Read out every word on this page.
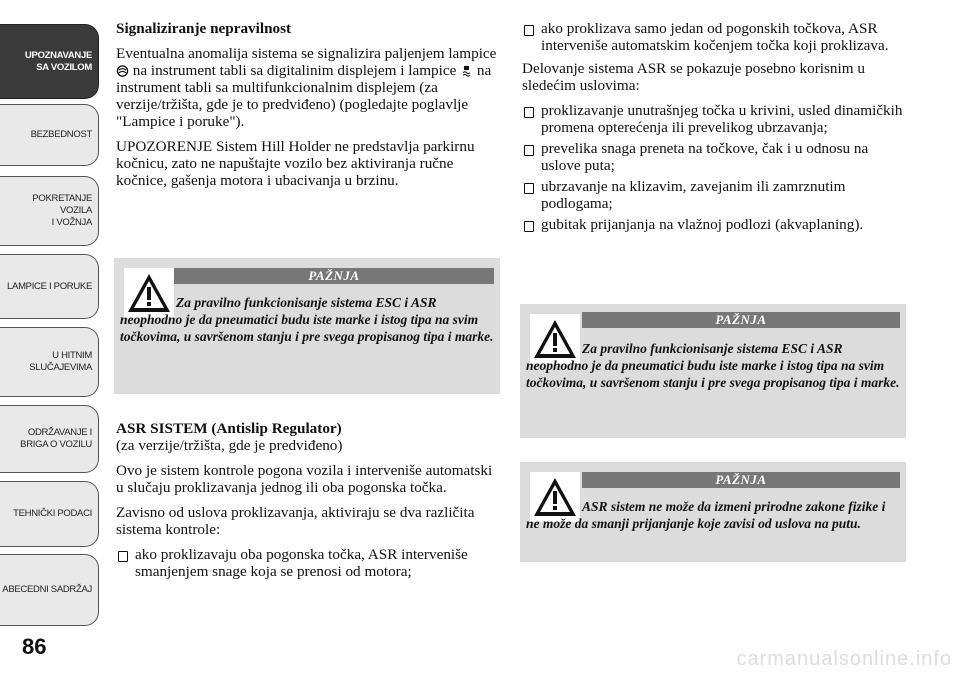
UPOZNAVANJE
SA VOZILOM
BEZBEDNOST
POKRETANJE VOZILA
I VOŽNJA
LAMPICE I PORUKE
U HITNIM
SLUČAJEVIMA
ODRŽAVANJE I
BRIGA O VOZILU
TEHNIČKI PODACI
ABECEDNI SADRŽAJ
86
Signaliziranje nepravilnost

Eventualna anomalija sistema se signalizira paljenjem lampice  na instrument tabli sa digitalinim displejem i lampice na instrument tabli sa multifunkcionalnim displejem (za verzije/tržišta, gde je to predviđeno) (pogledajte poglavlje "Lampice i poruke").

UPOZORENJE Sistem Hill Holder ne predstavlja parkirnu kočnicu, zato ne napuštajte vozilo bez aktiviranja ručne kočnice, gašenja motora i ubacivanja u brzinu.

PAŽNJA
Za pravilno funkcionisanje sistema ESC i ASR neophodno je da pneumatici budu iste marke i istog tipa na svim točkovima, u savršenom stanju i pre svega propisanog tipa i marke.
ASR SISTEM (Antislip Regulator)

(za verzije/tržišta, gde je predviđeno)

Ovo je sistem kontrole pogona vozila i interveniše automatski u slučaju proklizavanja jednog ili oba pogonska točka.

Zavisno od uslova proklizavanja, aktiviraju se dva različita sistema kontrole:

ako proklizavaju oba pogonska točka, ASR interveniše smanjenjem snage koja se prenosi od motora;
ako proklizava samo jedan od pogonskih točkova, ASR interveniše automatskim kočenjem točka koji proklizava.

Delovanje sistema ASR se pokazuje posebno korisnim u sledećim uslovima:

proklizavanje unutrašnjeg točka u krivini, usled dinamičkih promena opterećenja ili prevelikog ubrzavanja;
prevelika snaga preneta na točkove, čak i u odnosu na uslove puta;
ubrzavanje na klizavim, zavejanim ili zamrznutim podlogama;
gubitak prijanjanja na vlažnoj podlozi (akvaplaning).
PAŽNJA
Za pravilno funkcionisanje sistema ESC i ASR neophodno je da pneumatici budu iste marke i istog tipa na svim točkovima, u savršenom stanju i pre svega propisanog tipa i marke.
PAŽNJA
ASR sistem ne može da izmeni prirodne zakone fizike i ne može da smanji prijanjanje koje zavisi od uslova na putu.
carmanualsonline.info
